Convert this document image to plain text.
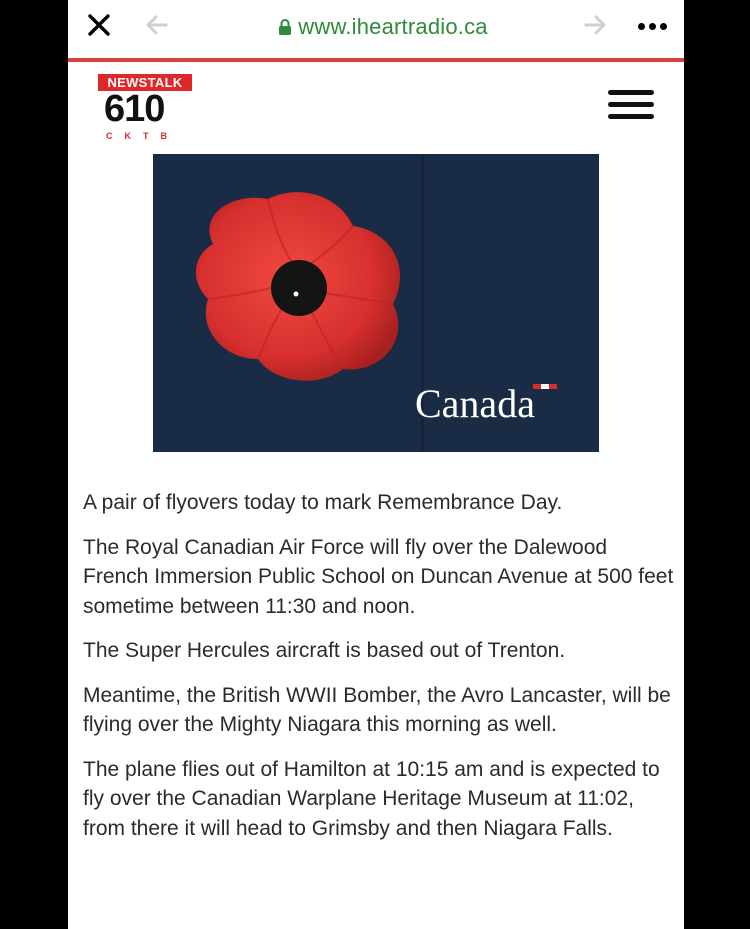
www.iheartradio.ca
NEWSTALK
610
CKTB
Canada

A pair of flyovers today to mark Remembrance Day.

The Royal Canadian Air Force will fly over the Dalewood French Immersion Public School on Duncan Avenue at 500 feet sometime between 11:30 and noon.

The Super Hercules aircraft is based out of Trenton.

Meantime, the British WWII Bomber, the Avro Lancaster, will be flying over the Mighty Niagara this morning as well.

The plane flies out of Hamilton at 10:15 am and is expected to fly over the Canadian Warplane Heritage Museum at 11:02, from there it will head to Grimsby and then Niagara Falls.
